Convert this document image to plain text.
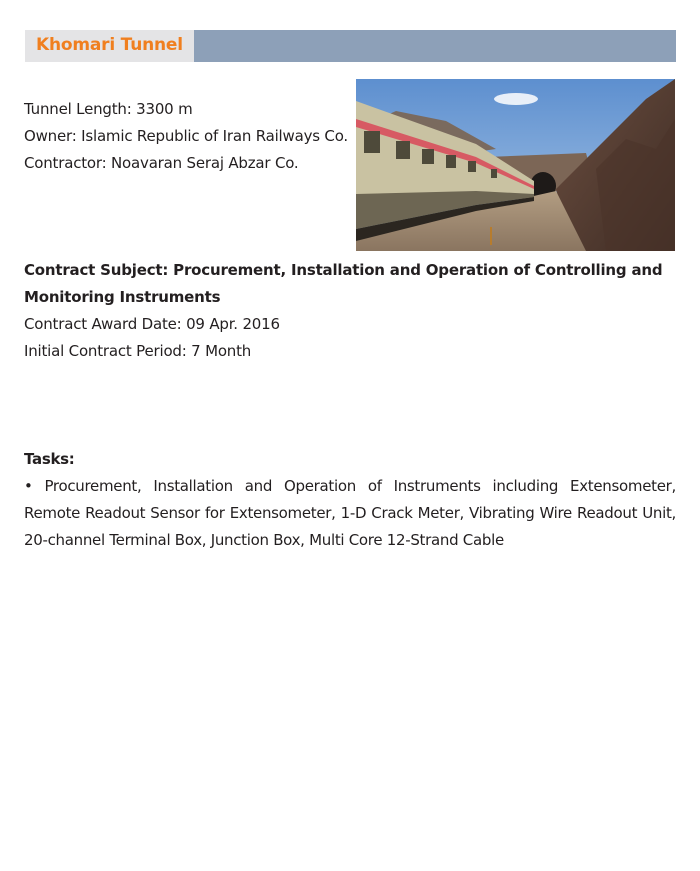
Khomari Tunnel
Tunnel Length: 3300 m
Owner: Islamic Republic of Iran Railways Co.
Contractor: Noavaran Seraj Abzar Co.
Contract Subject: Procurement, Installation and Operation of Controlling and Monitoring Instruments
Contract Award Date: 09 Apr. 2016
Initial Contract Period: 7 Month
Tasks:
• Procurement, Installation and Operation of Instruments including Extensometer, Remote Readout Sensor for Extensometer, 1-D Crack Meter, Vibrating Wire Readout Unit, 20-channel Terminal Box, Junction Box, Multi Core 12-Strand Cable
